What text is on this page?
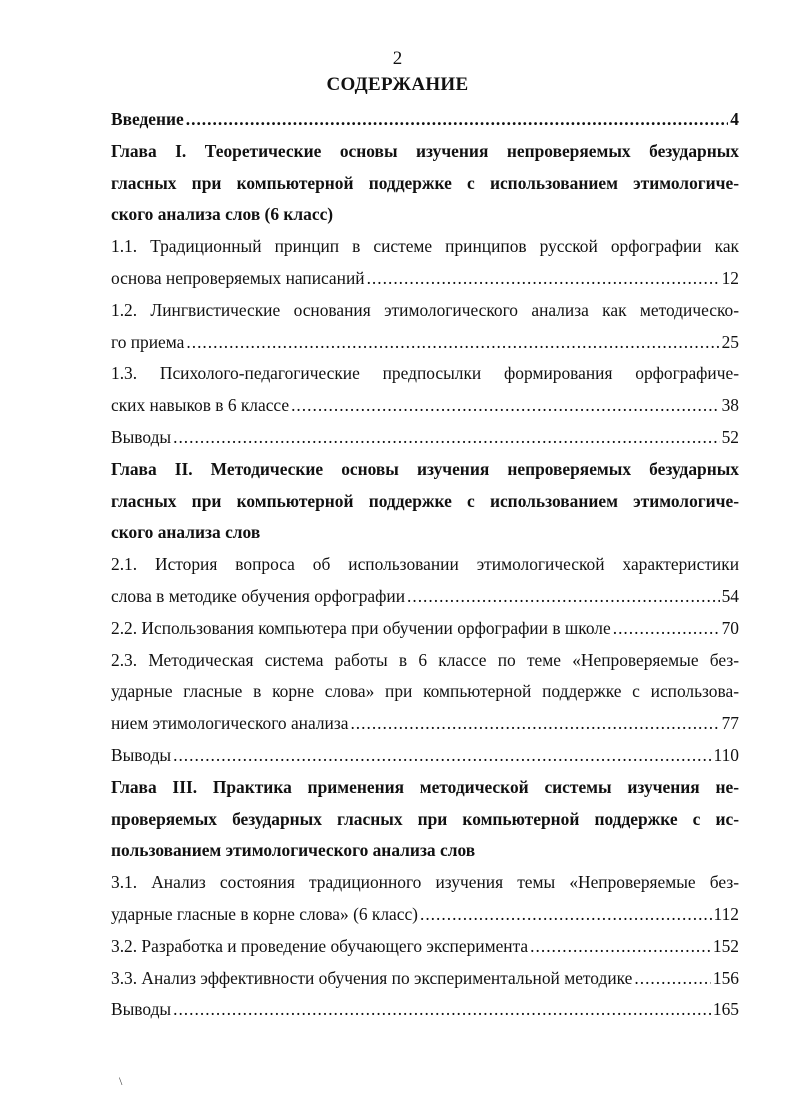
2
СОДЕРЖАНИЕ
Введение .....	4
Глава I. Теоретические основы изучения непроверяемых безударных
гласных при компьютерной поддержке с использованием этимологиче-
ского анализа слов (6 класс)
1.1. Традиционный принцип в системе принципов русской орфографии как
основа непроверяемых написаний .....	12
1.2. Лингвистические основания этимологического анализа как методическо-
го приема .....	25
1.3. Психолого-педагогические предпосылки формирования орфографиче-
ских навыков в 6 классе .....	38
Выводы .....	52
Глава II. Методические основы изучения непроверяемых безударных
гласных при компьютерной поддержке с использованием этимологиче-
ского анализа слов
2.1. История вопроса об использовании этимологической характеристики
слова в методике обучения орфографии .....	54
2.2. Использования компьютера при обучении орфографии в школе .....	70
2.3. Методическая система работы в 6 классе по теме «Непроверяемые без-
ударные гласные в корне слова» при компьютерной поддержке с использова-
нием этимологического анализа .....	77
Выводы .....	110
Глава III. Практика применения методической системы изучения не-
проверяемых безударных гласных при компьютерной поддержке с ис-
пользованием этимологического анализа слов
3.1. Анализ состояния традиционного изучения темы «Непроверяемые без-
ударные гласные в корне слова» (6 класс) .....	112
3.2. Разработка и проведение обучающего эксперимента .....	152
3.3. Анализ эффективности обучения по экспериментальной методике .....	156
Выводы .....	165
\
